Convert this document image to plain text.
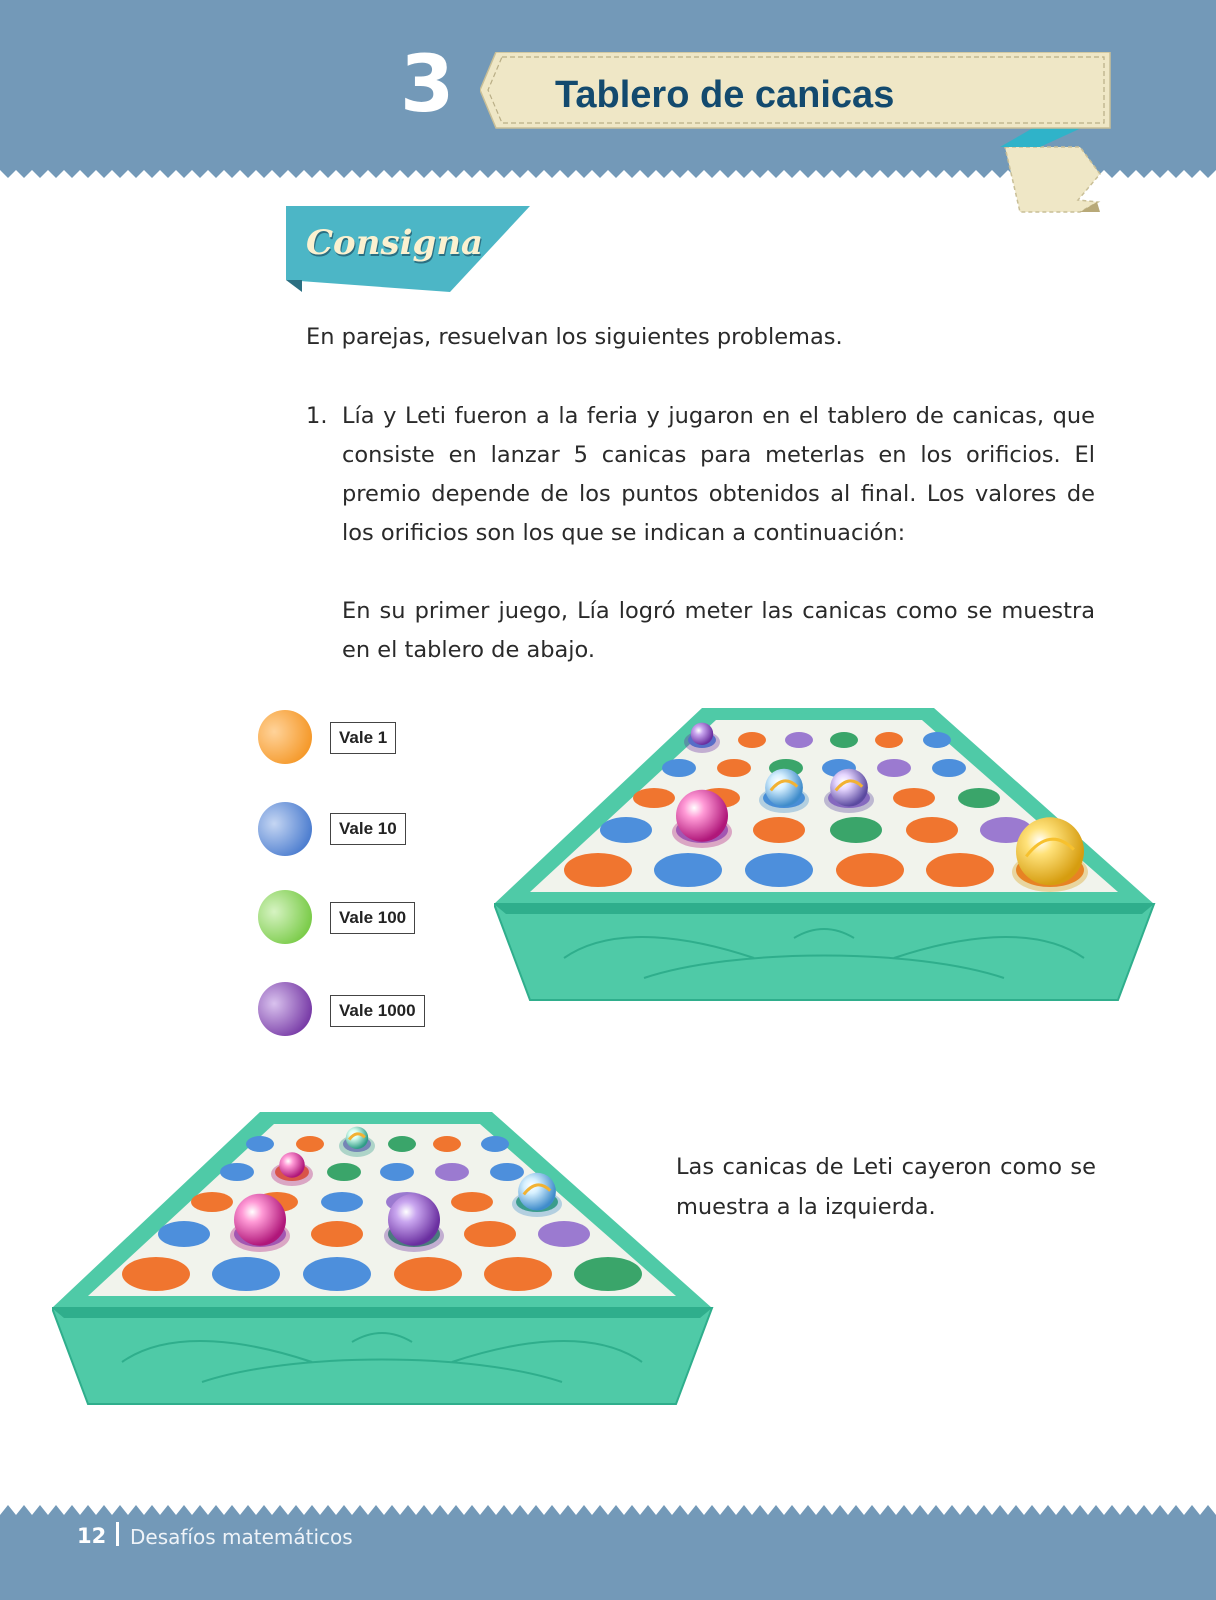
3	Tablero de canicas
Consigna
En parejas, resuelvan los siguientes problemas.
1. Lía y Leti fueron a la feria y jugaron en el tablero de canicas, que consiste en lanzar 5 canicas para meterlas en los orificios. El premio depende de los puntos obtenidos al final. Los valores de los orificios son los que se indican a continuación:
En su primer juego, Lía logró meter las canicas como se muestra en el tablero de abajo.
Vale 1
Vale 10
Vale 100
Vale 1000
Las canicas de Leti cayeron como se muestra a la izquierda.
12 Desafíos matemáticos
